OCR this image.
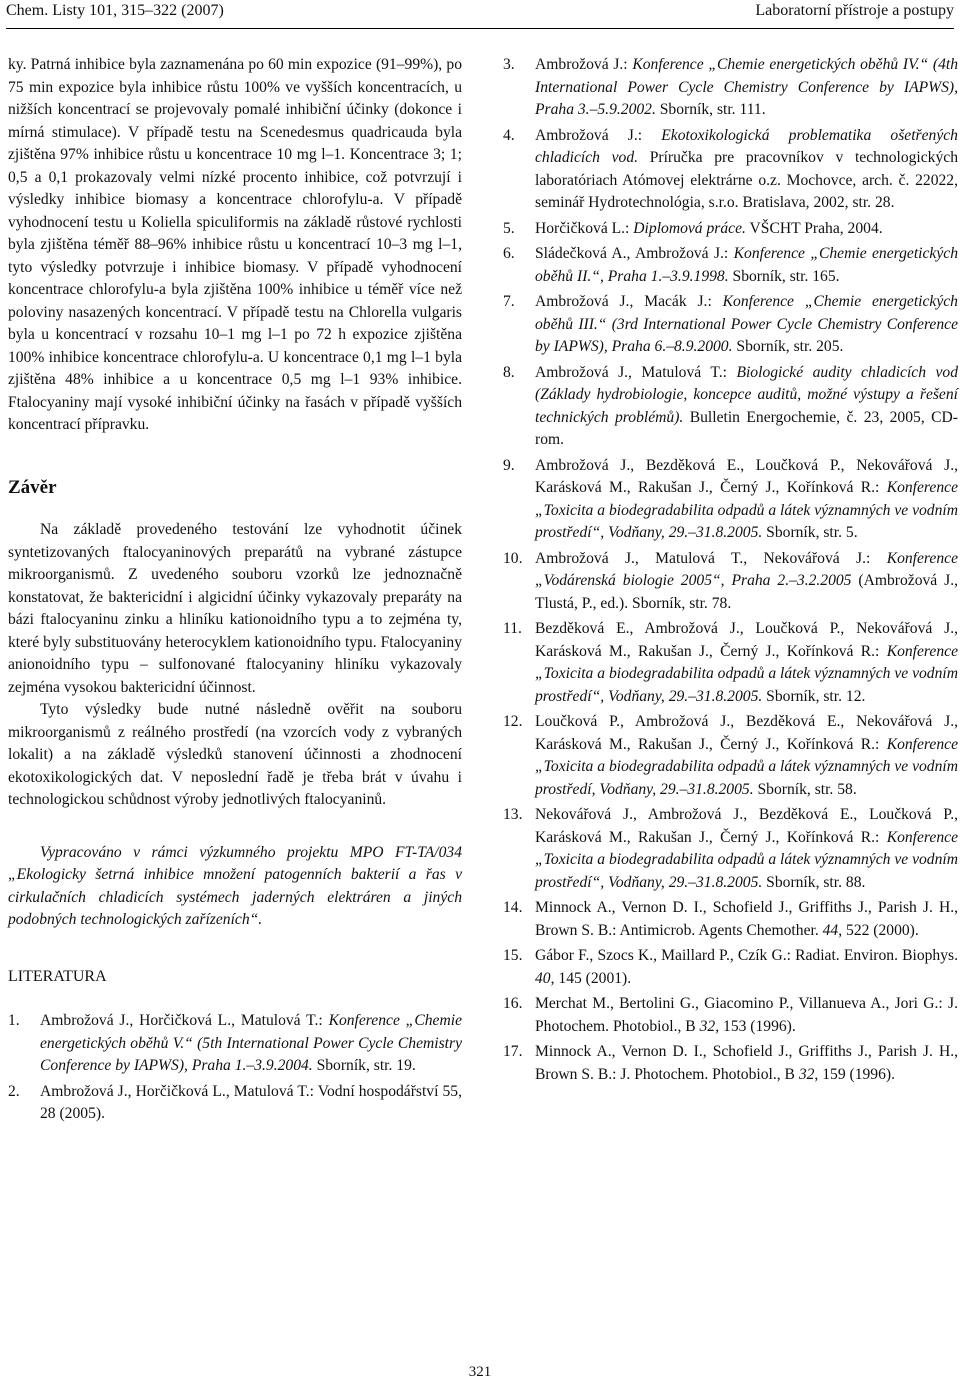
Chem. Listy 101, 315–322 (2007)	Laboratorní přístroje a postupy

ky. Patrná inhibice byla zaznamenána po 60 min expozice (91–99%), po 75 min expozice byla inhibice růstu 100% ve vyšších koncentracích, u nižších koncentrací se projevovaly pomalé inhibiční účinky (dokonce i mírná stimulace). V případě testu na Scenedesmus quadricauda byla zjištěna 97% inhibice růstu u koncentrace 10 mg l–1. Koncentrace 3; 1; 0,5 a 0,1 prokazovaly velmi nízké procento inhibice, což potvrzují i výsledky inhibice biomasy a koncentrace chlorofylu-a. V případě vyhodnocení testu u Koliella spiculiformis na základě růstové rychlosti byla zjištěna téměř 88–96% inhibice růstu u koncentrací 10–3 mg l–1, tyto výsledky potvrzuje i inhibice biomasy. V případě vyhodnocení koncentrace chlorofylu-a byla zjištěna 100% inhibice u téměř více než poloviny nasazených koncentrací. V případě testu na Chlorella vulgaris byla u koncentrací v rozsahu 10–1 mg l–1 po 72 h expozice zjištěna 100% inhibice koncentrace chlorofylu-a. U koncentrace 0,1 mg l–1 byla zjištěna 48% inhibice a u koncentrace 0,5 mg l–1 93% inhibice. Ftalocyaniny mají vysoké inhibiční účinky na řasách v případě vyšších koncentrací přípravku.

Závěr

Na základě provedeného testování lze vyhodnotit účinek syntetizovaných ftalocyaninových preparátů na vybrané zástupce mikroorganismů. Z uvedeného souboru vzorků lze jednoznačně konstatovat, že baktericidní i algicidní účinky vykazovaly preparáty na bázi ftalocyaninu zinku a hliníku kationoidního typu a to zejména ty, které byly substituovány heterocyklem kationoidního typu. Ftalocyaniny anionoidního typu – sulfonované ftalocyaniny hliníku vykazovaly zejména vysokou baktericidní účinnost.

Tyto výsledky bude nutné následně ověřit na souboru mikroorganismů z reálného prostředí (na vzorcích vody z vybraných lokalit) a na základě výsledků stanovení účinnosti a zhodnocení ekotoxikologických dat. V neposlední řadě je třeba brát v úvahu i technologickou schůdnost výroby jednotlivých ftalocyaninů.

Vypracováno v rámci výzkumného projektu MPO FT-TA/034 „Ekologicky šetrná inhibice množení patogenních bakterií a řas v cirkulačních chladicích systémech jaderných elektráren a jiných podobných technologických zařízeních“.

LITERATURA
1.	Ambrožová J., Horčičková L., Matulová T.: Konference „Chemie energetických oběhů V.“ (5th International Power Cycle Chemistry Conference by IAPWS), Praha 1.–3.9.2004. Sborník, str. 19.
2.	Ambrožová J., Horčičková L., Matulová T.: Vodní hospodářství 55, 28 (2005).
3.	Ambrožová J.: Konference „Chemie energetických oběhů IV.“ (4th International Power Cycle Chemistry Conference by IAPWS), Praha 3.–5.9.2002. Sborník, str. 111.
4.	Ambrožová J.: Ekotoxikologická problematika ošetřených chladicích vod. Príručka pre pracovníkov v technologických laboratóriach Atómovej elektrárne o.z. Mochovce, arch. č. 22022, seminář Hydrotechnológia, s.r.o. Bratislava, 2002, str. 28.
5.	Horčičková L.: Diplomová práce. VŠCHT Praha, 2004.
6.	Sládečková A., Ambrožová J.: Konference „Chemie energetických oběhů II.“, Praha 1.–3.9.1998. Sborník, str. 165.
7.	Ambrožová J., Macák J.: Konference „Chemie energetických oběhů III.“ (3rd International Power Cycle Chemistry Conference by IAPWS), Praha 6.–8.9.2000. Sborník, str. 205.
8.	Ambrožová J., Matulová T.: Biologické audity chladicích vod (Základy hydrobiologie, koncepce auditů, možné výstupy a řešení technických problémů). Bulletin Energochemie, č. 23, 2005, CD-rom.
9.	Ambrožová J., Bezděková E., Loučková P., Nekovářová J., Karásková M., Rakušan J., Černý J., Kořínková R.: Konference „Toxicita a biodegradabilita odpadů a látek významných ve vodním prostředí“, Vodňany, 29.–31.8.2005. Sborník, str. 5.
10. Ambrožová J., Matulová T., Nekovářová J.: Konference „Vodárenská biologie 2005“, Praha 2.–3.2.2005 (Ambrožová J., Tlustá, P., ed.). Sborník, str. 78.
11. Bezděková E., Ambrožová J., Loučková P., Nekovářová J., Karásková M., Rakušan J., Černý J., Kořínková R.: Konference „Toxicita a biodegradabilita odpadů a látek významných ve vodním prostředí“, Vodňany, 29.–31.8.2005. Sborník, str. 12.
12. Loučková P., Ambrožová J., Bezděková E., Nekovářová J., Karásková M., Rakušan J., Černý J., Kořínková R.: Konference „Toxicita a biodegradabilita odpadů a látek významných ve vodním prostředí, Vodňany, 29.–31.8.2005. Sborník, str. 58.
13. Nekovářová J., Ambrožová J., Bezděková E., Loučková P., Karásková M., Rakušan J., Černý J., Kořínková R.: Konference „Toxicita a biodegradabilita odpadů a látek významných ve vodním prostředí“, Vodňany, 29.–31.8.2005. Sborník, str. 88.
14. Minnock A., Vernon D. I., Schofield J., Griffiths J., Parish J. H., Brown S. B.: Antimicrob. Agents Chemother. 44, 522 (2000).
15. Gábor F., Szocs K., Maillard P., Czík G.: Radiat. Environ. Biophys. 40, 145 (2001).
16. Merchat M., Bertolini G., Giacomino P., Villanueva A., Jori G.: J. Photochem. Photobiol., B 32, 153 (1996).
17. Minnock A., Vernon D. I., Schofield J., Griffiths J., Parish J. H., Brown S. B.: J. Photochem. Photobiol., B 32, 159 (1996).
321
